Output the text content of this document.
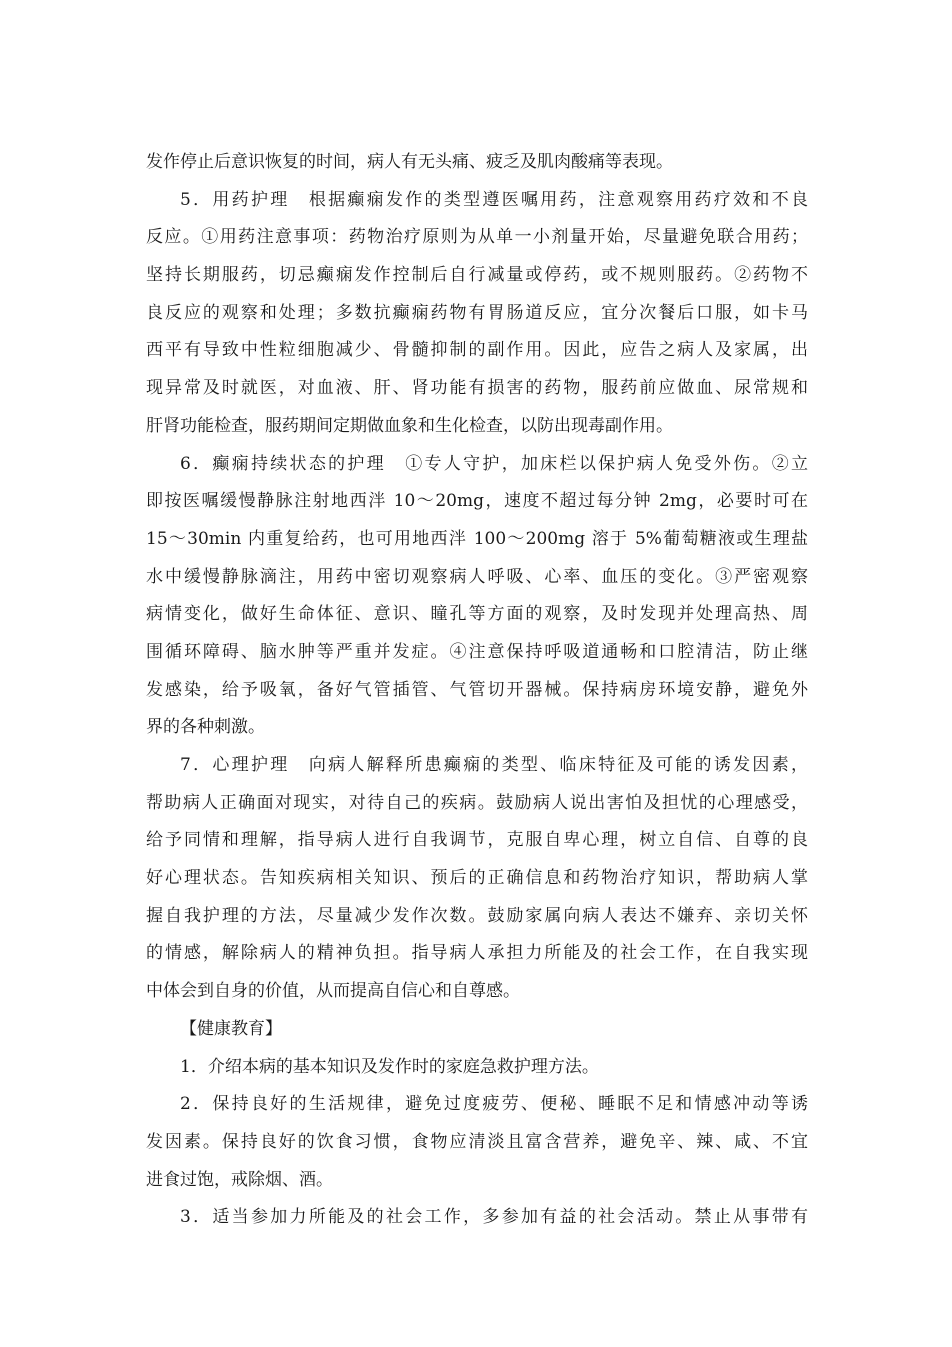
发作停止后意识恢复的时间，病人有无头痛、疲乏及肌肉酸痛等表现。
5．用药护理　根据癫痫发作的类型遵医嘱用药，注意观察用药疗效和不良
反应。①用药注意事项：药物治疗原则为从单一小剂量开始，尽量避免联合用药；
坚持长期服药，切忌癫痫发作控制后自行减量或停药，或不规则服药。②药物不
良反应的观察和处理；多数抗癫痫药物有胃肠道反应，宜分次餐后口服，如卡马
西平有导致中性粒细胞减少、骨髓抑制的副作用。因此，应告之病人及家属，出
现异常及时就医，对血液、肝、肾功能有损害的药物，服药前应做血、尿常规和
肝肾功能检查，服药期间定期做血象和生化检查，以防出现毒副作用。
6．癫痫持续状态的护理　①专人守护，加床栏以保护病人免受外伤。②立
即按医嘱缓慢静脉注射地西泮 10～20mg，速度不超过每分钟 2mg，必要时可在
15～30min 内重复给药，也可用地西泮 100～200mg 溶于 5%葡萄糖液或生理盐
水中缓慢静脉滴注，用药中密切观察病人呼吸、心率、血压的变化。③严密观察
病情变化，做好生命体征、意识、瞳孔等方面的观察，及时发现并处理高热、周
围循环障碍、脑水肿等严重并发症。④注意保持呼吸道通畅和口腔清洁，防止继
发感染，给予吸氧，备好气管插管、气管切开器械。保持病房环境安静，避免外
界的各种刺激。
7．心理护理　向病人解释所患癫痫的类型、临床特征及可能的诱发因素，
帮助病人正确面对现实，对待自己的疾病。鼓励病人说出害怕及担忧的心理感受，
给予同情和理解，指导病人进行自我调节，克服自卑心理，树立自信、自尊的良
好心理状态。告知疾病相关知识、预后的正确信息和药物治疗知识，帮助病人掌
握自我护理的方法，尽量减少发作次数。鼓励家属向病人表达不嫌弃、亲切关怀
的情感，解除病人的精神负担。指导病人承担力所能及的社会工作，在自我实现
中体会到自身的价值，从而提高自信心和自尊感。
【健康教育】
1．介绍本病的基本知识及发作时的家庭急救护理方法。
2．保持良好的生活规律，避免过度疲劳、便秘、睡眠不足和情感冲动等诱
发因素。保持良好的饮食习惯，食物应清淡且富含营养，避免辛、辣、咸、不宜
进食过饱，戒除烟、酒。
3．适当参加力所能及的社会工作，多参加有益的社会活动。禁止从事带有
